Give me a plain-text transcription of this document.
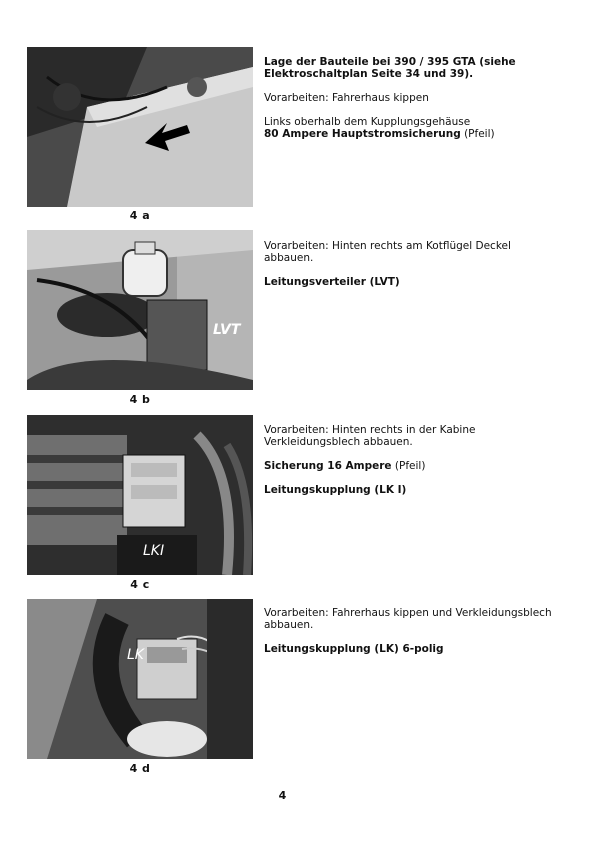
4 a

Lage der Bauteile bei 390 / 395 GTA (siehe Elektroschaltplan Seite 34 und 39).

Vorarbeiten: Fahrerhaus kippen

Links oberhalb dem Kupplungsgehäuse
80 Ampere Hauptstromsicherung (Pfeil)

LVT
4 b

Vorarbeiten: Hinten rechts am Kotflügel Deckel abbauen.

Leitungsverteiler (LVT)

LKI
4 c

Vorarbeiten: Hinten rechts in der Kabine Verkleidungsblech abbauen.

Sicherung 16 Ampere (Pfeil)

Leitungskupplung (LK I)

LK
4 d

Vorarbeiten: Fahrerhaus kippen und Verkleidungsblech abbauen.

Leitungskupplung (LK) 6-polig

4
